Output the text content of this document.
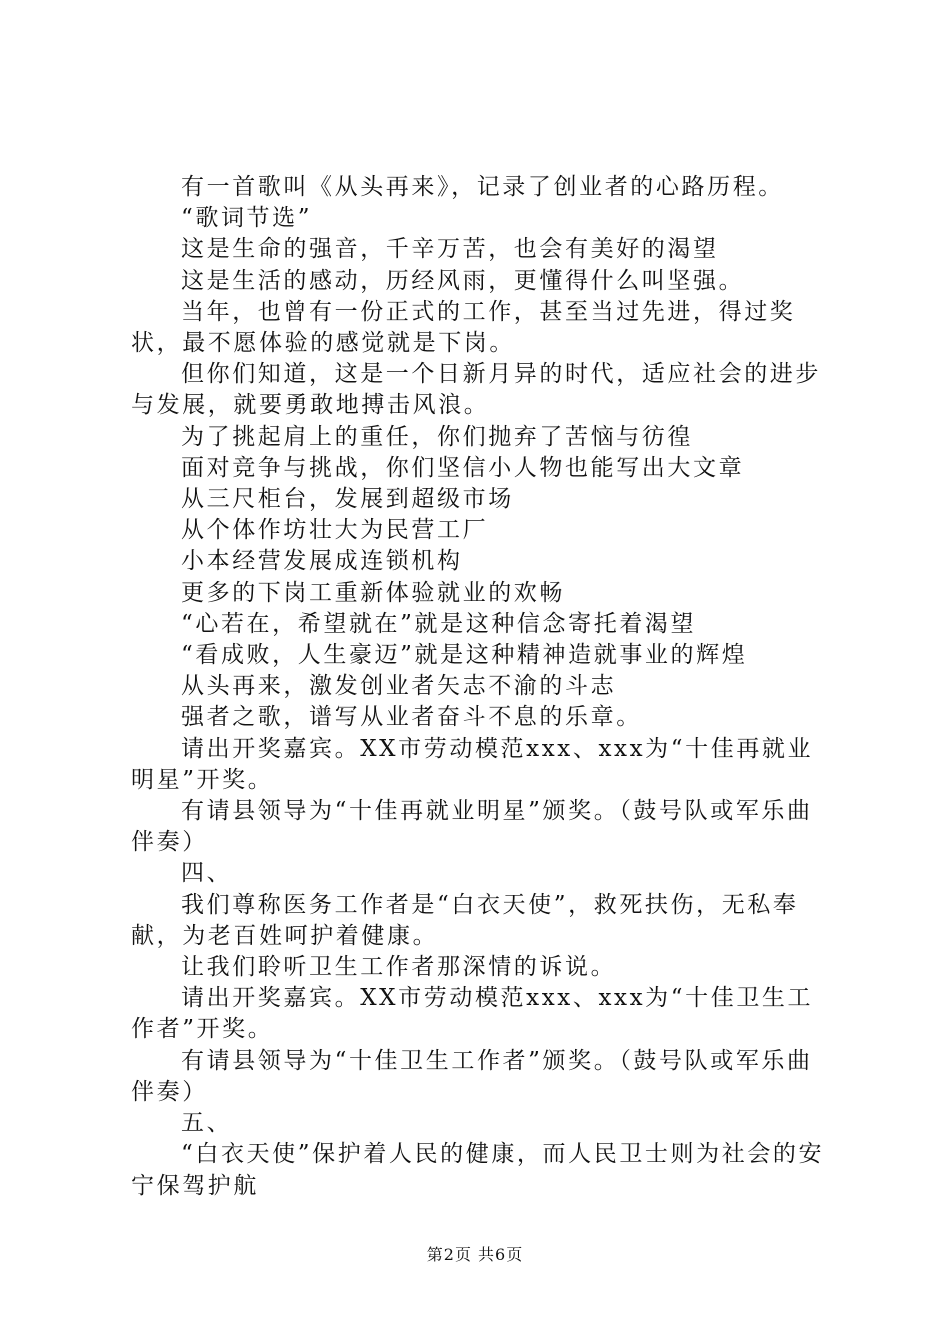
有一首歌叫《从头再来》，记录了创业者的心路历程。

“歌词节选”

这是生命的强音，千辛万苦，也会有美好的渴望

这是生活的感动，历经风雨，更懂得什么叫坚强。

当年，也曾有一份正式的工作，甚至当过先进，得过奖状，最不愿体验的感觉就是下岗。

但你们知道，这是一个日新月异的时代，适应社会的进步与发展，就要勇敢地搏击风浪。

为了挑起肩上的重任，你们抛弃了苦恼与彷徨

面对竞争与挑战，你们坚信小人物也能写出大文章

从三尺柜台，发展到超级市场

从个体作坊壮大为民营工厂

小本经营发展成连锁机构

更多的下岗工重新体验就业的欢畅

“心若在，希望就在”就是这种信念寄托着渴望

“看成败，人生豪迈”就是这种精神造就事业的辉煌

从头再来，激发创业者矢志不渝的斗志

强者之歌，谱写从业者奋斗不息的乐章。

请出开奖嘉宾。XX市劳动模范xxx、xxx为“十佳再就业明星”开奖。

有请县领导为“十佳再就业明星”颁奖。（鼓号队或军乐曲伴奏）

四、

我们尊称医务工作者是“白衣天使”，救死扶伤，无私奉献，为老百姓呵护着健康。

让我们聆听卫生工作者那深情的诉说。

请出开奖嘉宾。XX市劳动模范xxx、xxx为“十佳卫生工作者”开奖。

有请县领导为“十佳卫生工作者”颁奖。（鼓号队或军乐曲伴奏）

五、

“白衣天使”保护着人民的健康，而人民卫士则为社会的安宁保驾护航

第2页 共6页
